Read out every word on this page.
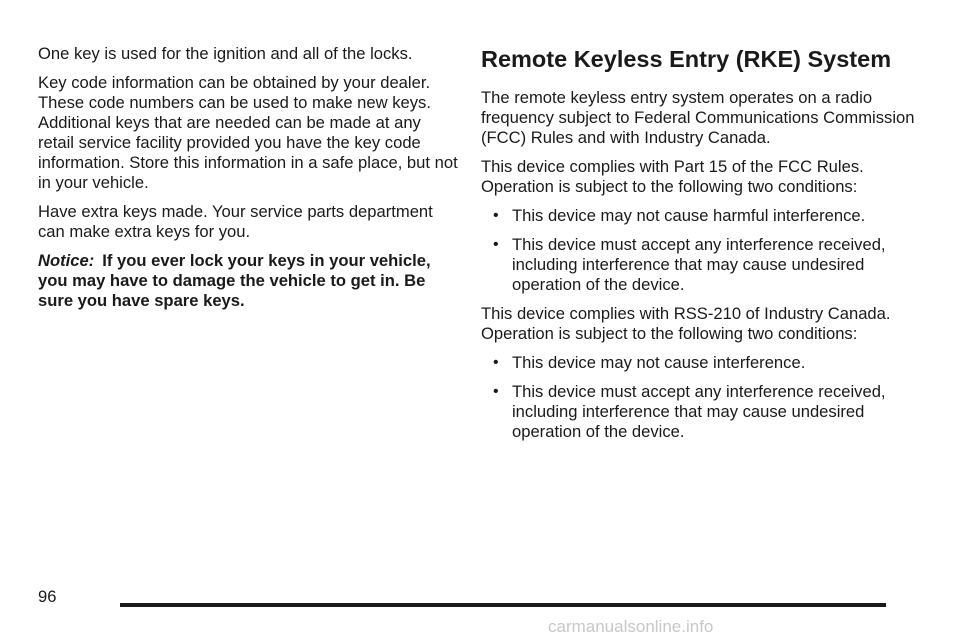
One key is used for the ignition and all of the locks.

Key code information can be obtained by your dealer. These code numbers can be used to make new keys. Additional keys that are needed can be made at any retail service facility provided you have the key code information. Store this information in a safe place, but not in your vehicle.

Have extra keys made. Your service parts department can make extra keys for you.

Notice: If you ever lock your keys in your vehicle, you may have to damage the vehicle to get in. Be sure you have spare keys.

Remote Keyless Entry (RKE) System

The remote keyless entry system operates on a radio frequency subject to Federal Communications Commission (FCC) Rules and with Industry Canada.

This device complies with Part 15 of the FCC Rules. Operation is subject to the following two conditions:

• This device may not cause harmful interference.
• This device must accept any interference received, including interference that may cause undesired operation of the device.

This device complies with RSS-210 of Industry Canada. Operation is subject to the following two conditions:

• This device may not cause interference.
• This device must accept any interference received, including interference that may cause undesired operation of the device.
96
carmanualsonline.info
